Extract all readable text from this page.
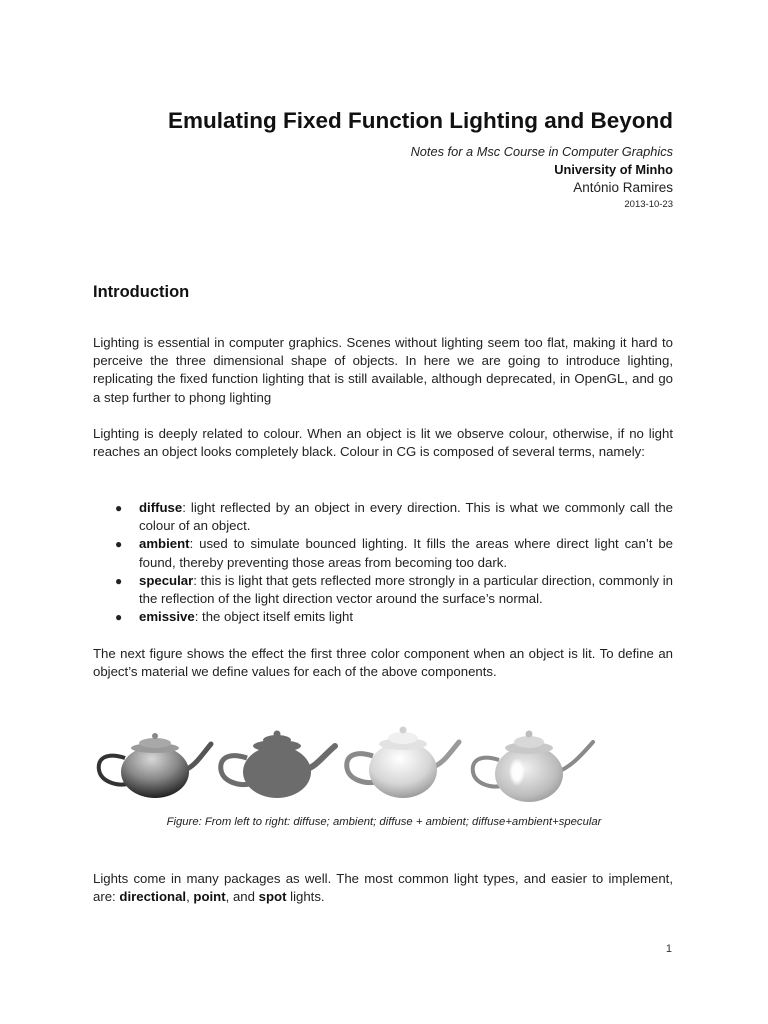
Emulating Fixed Function Lighting and Beyond
Notes for a Msc Course in Computer Graphics
University of Minho
António Ramires
2013-10-23
Introduction

Lighting is essential in computer graphics. Scenes without lighting seem too flat, making it hard to perceive the three dimensional shape of objects. In here we are going to introduce lighting, replicating the fixed function lighting that is still available, although deprecated, in OpenGL, and go a step further to phong lighting

Lighting is deeply related to colour. When an object is lit we observe colour, otherwise, if no light reaches an object looks completely black. Colour in CG is composed of several terms, namely:

● diffuse: light reflected by an object in every direction. This is what we commonly call the colour of an object.
● ambient: used to simulate bounced lighting. It fills the areas where direct light can’t be found, thereby preventing those areas from becoming too dark.
● specular: this is light that gets reflected more strongly in a particular direction, commonly in the reflection of the light direction vector around the surface’s normal.
● emissive: the object itself emits light

The next figure shows the effect the first three color component when an object is lit. To define an object’s material we define values for each of the above components.

Figure: From left to right: diffuse; ambient; diffuse + ambient; diffuse+ambient+specular

Lights come in many packages as well. The most common light types, and easier to implement, are: directional, point, and spot lights.

1
